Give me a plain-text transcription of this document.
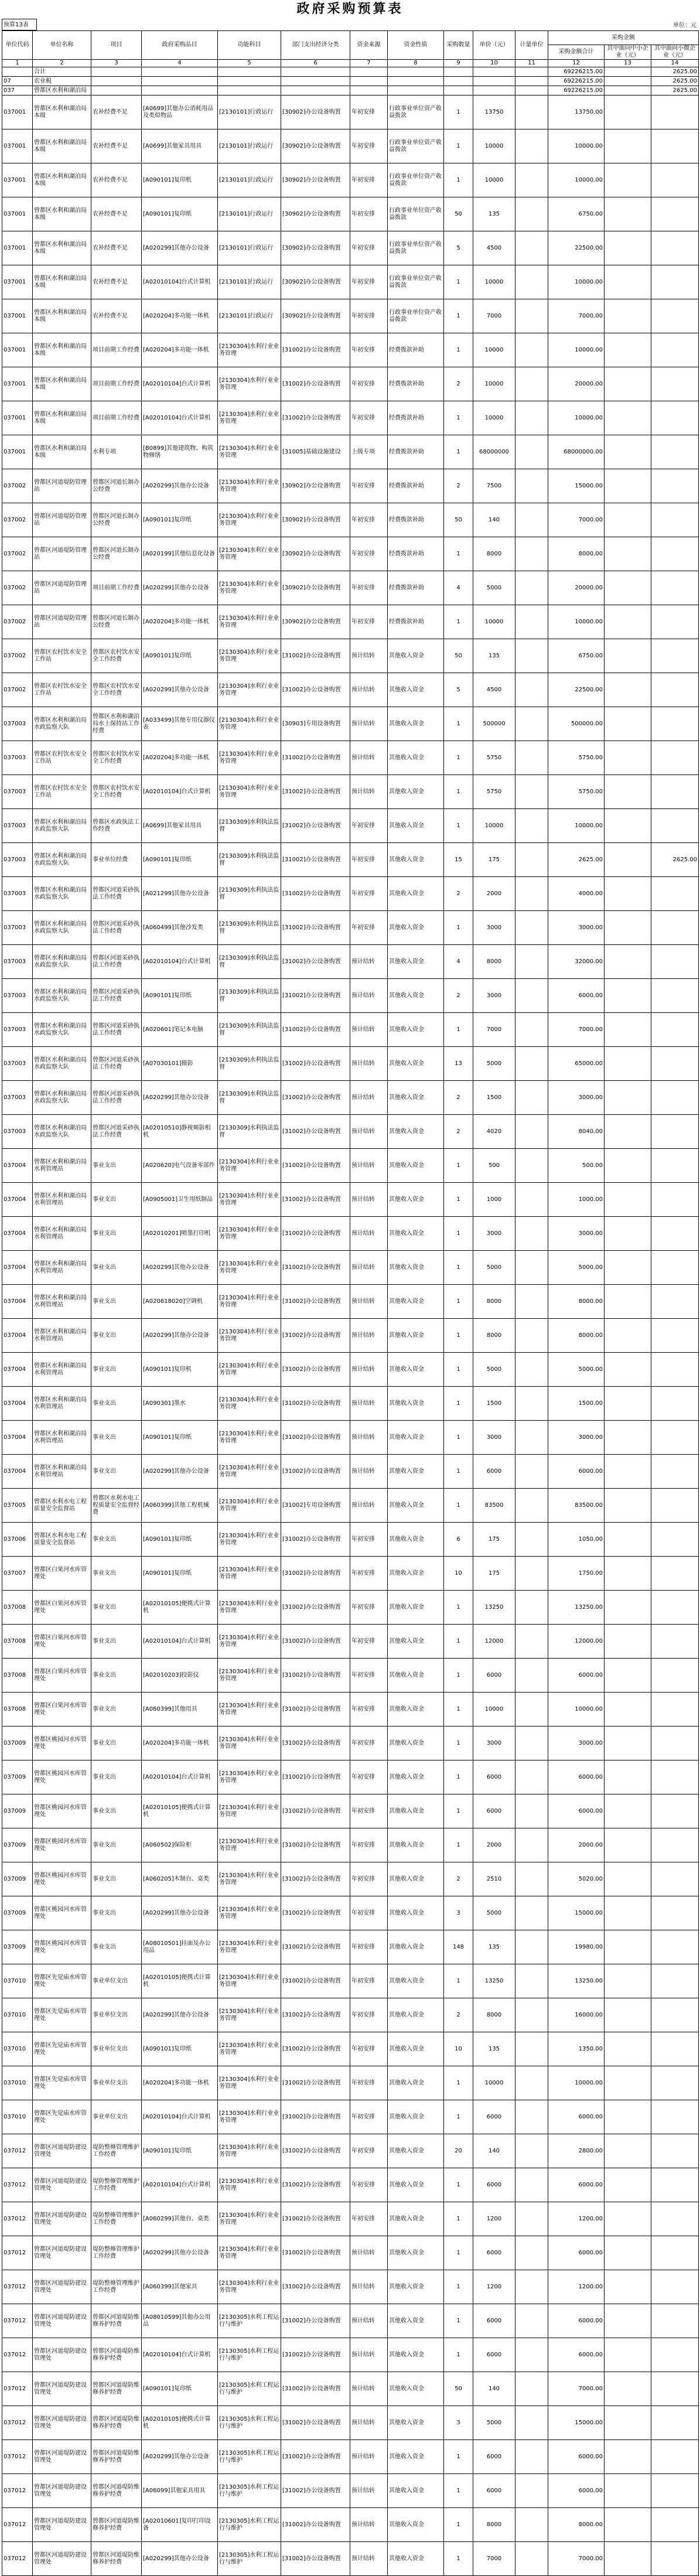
政府采购预算表
预算13表	单位：元
单位代码	单位名称	项目	政府采购品目	功能科目	部门支出经济分类	资金来源	资金性质	采购数量	单价（元）	计量单位	采购金额		
											采购金额合计	其中面向中小企业（元）	其中面向小微企业（元）
1	2	3	4	5	6	7	8	9	10	11	12	13	14
	合计										69226215.00		2625.00
07	农业税										69226215.00		2625.00
037	曾都区水利和湖泊局										69226215.00		2625.00
037001	曾都区水利和湖泊局本级	农补经费不足	[A0699]其他办公消耗用品及类似物品	[2130101]行政运行	[30902]办公设备购置	年初安排	行政事业单位资产收益拨款	1	13750		13750.00		
037001	曾都区水利和湖泊局本级	农补经费不足	[A0699]其他家具用具	[2130101]行政运行	[30902]办公设备购置	年初安排	行政事业单位资产收益拨款	1	10000		10000.00		
037001	曾都区水利和湖泊局本级	农补经费不足	[A090101]复印机	[2130101]行政运行	[30902]办公设备购置	年初安排	行政事业单位资产收益拨款	1	10000		10000.00		
037001	曾都区水利和湖泊局本级	农补经费不足	[A090101]复印纸	[2130101]行政运行	[30902]办公设备购置	年初安排	行政事业单位资产收益拨款	50	135		6750.00		
037001	曾都区水利和湖泊局本级	农补经费不足	[A020299]其他办公设备	[2130101]行政运行	[30902]办公设备购置	年初安排	行政事业单位资产收益拨款	5	4500		22500.00		
037001	曾都区水利和湖泊局本级	农补经费不足	[A02010104]台式计算机	[2130101]行政运行	[30902]办公设备购置	年初安排	行政事业单位资产收益拨款	1	10000		10000.00		
037001	曾都区水利和湖泊局本级	农补经费不足	[A020204]多功能一体机	[2130101]行政运行	[30902]办公设备购置	年初安排	行政事业单位资产收益拨款	1	7000		7000.00		
037001	曾都区水利和湖泊局本级	项目前期工作经费	[A020204]多功能一体机	[2130304]水利行业业务管理	[31002]办公设备购置	年初安排	经费拨款补助	1	10000		10000.00		
037001	曾都区水利和湖泊局本级	项目前期工作经费	[A02010104]台式计算机	[2130304]水利行业业务管理	[31002]办公设备购置	年初安排	经费拨款补助	2	10000		20000.00		
037001	曾都区水利和湖泊局本级	项目前期工作经费	[A02010104]台式计算机	[2130304]水利行业业务管理	[31002]办公设备购置	年初安排	经费拨款补助	1	10000		10000.00		
037001	曾都区水利和湖泊局本级	水利专项	[B0899]其他建筑物、构筑物修缮	[2130304]水利行业业务管理	[31005]基础设施建设	上级专项	经费拨款补助	1	68000000		68000000.00		
037002	曾都区河道堤防管理站	曾都区河道长制办公经费	[A020299]其他办公设备	[2130304]水利行业业务管理	[30902]办公设备购置	年初安排	经费拨款补助	2	7500		15000.00		
037002	曾都区河道堤防管理站	曾都区河道长制办公经费	[A090101]复印纸	[2130304]水利行业业务管理	[30902]办公设备购置	年初安排	经费拨款补助	50	140		7000.00		
037002	曾都区河道堤防管理站	曾都区河道长制办公经费	[A020199]其他信息化设备	[2130304]水利行业业务管理	[30902]办公设备购置	年初安排	经费拨款补助	1	8000		8000.00		
037002	曾都区河道堤防管理站	项目前期工作经费	[A020299]其他办公设备	[2130304]水利行业业务管理	[30902]办公设备购置	年初安排	经费拨款补助	4	5000		20000.00		
037002	曾都区河道堤防管理站	曾都区河道长制办公经费	[A020204]多功能一体机	[2130304]水利行业业务管理	[30902]办公设备购置	年初安排	经费拨款补助	1	10000		10000.00		
037002	曾都区农村饮水安全工作站	曾都区农村饮水安全工作经费	[A090101]复印纸	[2130304]水利行业业务管理	[31002]办公设备购置	预计结转	其他收入资金	50	135		6750.00		
037002	曾都区农村饮水安全工作站	曾都区农村饮水安全工作经费	[A020299]其他办公设备	[2130304]水利行业业务管理	[31002]办公设备购置	预计结转	其他收入资金	5	4500		22500.00		
037003	曾都区水利和湖泊局水政监察大队	曾都区水利和湖泊局水土保持站工作经费	[A033499]其他专用仪器仪表	[2130304]水利行业业务管理	[30903]专用设备购置	预计结转	其他收入资金	1	500000		500000.00		
037003	曾都区农村饮水安全工作站	曾都区农村饮水安全工作经费	[A020204]多功能一体机	[2130304]水利行业业务管理	[31002]办公设备购置	预计结转	其他收入资金	1	5750		5750.00		
037003	曾都区农村饮水安全工作站	曾都区农村饮水安全工作经费	[A02010104]台式计算机	[2130304]水利行业业务管理	[31002]办公设备购置	预计结转	其他收入资金	1	5750		5750.00		
037003	曾都区水利和湖泊局水政监察大队	曾都区水政执法工作经费	[A0699]其他家具用具	[2130309]水利执法监督	[31002]办公设备购置	年初安排	其他收入资金	1	10000		10000.00		
037003	曾都区水利和湖泊局水政监察大队	事业单位经费	[A090101]复印纸	[2130309]水利执法监督	[31002]办公设备购置	年初安排	其他收入资金	15	175		2625.00		2625.00
037003	曾都区水利和湖泊局水政监察大队	曾都区河道采砂执法工作经费	[A021299]其他办公设备	[2130309]水利执法监督	[31002]办公设备购置	年初安排	其他收入资金	2	2000		4000.00		
037003	曾都区水利和湖泊局水政监察大队	曾都区河道采砂执法工作经费	[A060499]其他沙发类	[2130309]水利执法监督	[31002]办公设备购置	年初安排	其他收入资金	1	3000		3000.00		
037003	曾都区水利和湖泊局水政监察大队	曾都区河道采砂执法工作经费	[A02010104]台式计算机	[2130309]水利执法监督	[31002]办公设备购置	预计结转	其他收入资金	4	8000		32000.00		
037003	曾都区水利和湖泊局水政监察大队	曾都区河道采砂执法工作经费	[A090101]复印纸	[2130309]水利执法监督	[31002]办公设备购置	预计结转	其他收入资金	2	3000		6000.00		
037003	曾都区水利和湖泊局水政监察大队	曾都区河道采砂执法工作经费	[A020601]笔记本电脑	[2130309]水利执法监督	[31002]办公设备购置	预计结转	其他收入资金	1	7000		7000.00		
037003	曾都区水利和湖泊局水政监察大队	曾都区河道采砂执法工作经费	[A07030101]摄影	[2130309]水利执法监督	[31002]办公设备购置	预计结转	其他收入资金	13	5000		65000.00		
037003	曾都区水利和湖泊局水政监察大队	曾都区河道采砂执法工作经费	[A020299]其他办公设备	[2130309]水利执法监督	[31002]办公设备购置	预计结转	其他收入资金	2	1500		3000.00		
037003	曾都区水利和湖泊局水政监察大队	曾都区河道采砂执法工作经费	[A02010510]静视频影相机	[2130309]水利执法监督	[31002]办公设备购置	预计结转	其他收入资金	2	4020		8040.00		
037004	曾都区水利和湖泊局水利管理站	事业支出	[A020620]电气设备零部件	[2130304]水利行业业务管理	[31002]办公设备购置	预计结转	其他收入资金	1	500		500.00		
037004	曾都区水利和湖泊局水利管理站	事业支出	[A0905001]卫生用纸制品	[2130304]水利行业业务管理	[31002]办公设备购置	预计结转	其他收入资金	1	1000		1000.00		
037004	曾都区水利和湖泊局水利管理站	事业支出	[A02010201]喷墨打印机	[2130304]水利行业业务管理	[31002]办公设备购置	预计结转	其他收入资金	1	3000		3000.00		
037004	曾都区水利和湖泊局水利管理站	事业支出	[A020299]其他办公设备	[2130304]水利行业业务管理	[31002]办公设备购置	预计结转	其他收入资金	1	5000		5000.00		
037004	曾都区水利和湖泊局水利管理站	事业支出	[A020618020]空调机	[2130304]水利行业业务管理	[31002]办公设备购置	预计结转	其他收入资金	1	8000		8000.00		
037004	曾都区水利和湖泊局水利管理站	事业支出	[A020299]其他办公设备	[2130304]水利行业业务管理	[31002]办公设备购置	预计结转	其他收入资金	1	8000		8000.00		
037004	曾都区水利和湖泊局水利管理站	事业支出	[A090101]复印机	[2130304]水利行业业务管理	[31002]办公设备购置	预计结转	其他收入资金	1	5000		5000.00		
037004	曾都区水利和湖泊局水利管理站	事业支出	[A090301]墨水	[2130304]水利行业业务管理	[31002]办公设备购置	预计结转	其他收入资金	1	1500		1500.00		
037004	曾都区水利和湖泊局水利管理站	事业支出	[A090101]复印纸	[2130304]水利行业业务管理	[31002]办公设备购置	预计结转	其他收入资金	1	3000		3000.00		
037004	曾都区水利和湖泊局水利管理站	事业支出	[A020299]其他办公设备	[2130304]水利行业业务管理	[31002]办公设备购置	预计结转	其他收入资金	1	6000		6000.00		
037005	曾都区水利水电工程质量安全监督站	曾都区水利水电工程质量安全监督经费	[A060399]其他工程机械	[2130304]水利行业业务管理	[31002]专用设备购置	预计结转	其他收入资金	1	83500		83500.00		
037006	曾都区水利水电工程质量安全监督站	事业支出	[A090101]复印纸	[2130304]水利行业业务管理	[31002]办公设备购置	年初安排	其他收入资金	6	175		1050.00		
037007	曾都区白果河水库管理处	事业支出	[A090101]复印纸	[2130304]水利行业业务管理	[31002]办公设备购置	年初安排	其他收入资金	10	175		1750.00		
037008	曾都区白果河水库管理处	事业支出	[A02010105]便携式计算机	[2130304]水利行业业务管理	[31002]办公设备购置	年初安排	其他收入资金	1	13250		13250.00		
037008	曾都区白果河水库管理处	事业支出	[A02010104]台式计算机	[2130304]水利行业业务管理	[31002]办公设备购置	年初安排	其他收入资金	1	12000		12000.00		
037008	曾都区白果河水库管理处	事业支出	[A02010203]投影仪	[2130304]水利行业业务管理	[31002]办公设备购置	年初安排	其他收入资金	1	6000		6000.00		
037008	曾都区白果河水库管理处	事业支出	[A060399]其他用具	[2130304]水利行业业务管理	[31002]办公设备购置	年初安排	其他收入资金	1	10000		10000.00		
037009	曾都区桃园河水库管理处	事业支出	[A020204]多功能一体机	[2130304]水利行业业务管理	[31002]办公设备购置	年初安排	其他收入资金	1	3000		3000.00		
037009	曾都区桃园河水库管理处	事业支出	[A02010104]台式计算机	[2130304]水利行业业务管理	[31002]办公设备购置	年初安排	其他收入资金	1	6000		6000.00		
037009	曾都区桃园河水库管理处	事业支出	[A02010105]便携式计算机	[2130304]水利行业业务管理	[31002]办公设备购置	年初安排	其他收入资金	1	6000		6000.00		
037009	曾都区桃园河水库管理处	事业支出	[A060502]保险柜	[2130304]水利行业业务管理	[31002]办公设备购置	年初安排	其他收入资金	1	2000		2000.00		
037009	曾都区桃园河水库管理处	事业支出	[A060205]木制台、桌类	[2130304]水利行业业务管理	[31002]办公设备购置	年初安排	其他收入资金	2	2510		5020.00		
037009	曾都区桃园河水库管理处	事业支出	[A020299]其他办公设备	[2130304]水利行业业务管理	[31002]办公设备购置	年初安排	其他收入资金	3	5000		15000.00		
037009	曾都区桃园河水库管理处	事业支出	[A08010501]挂面及办公用品	[2130304]水利行业业务管理	[31002]办公设备购置	年初安排	其他收入资金	148	135		19980.00		
037010	曾都区先觉庙水库管理处	事业单位支出	[A02010105]便携式计算机	[2130304]水利行业业务管理	[31002]办公设备购置	年初安排	其他收入资金	1	13250		13250.00		
037010	曾都区先觉庙水库管理处	事业单位支出	[A020299]其他办公设备	[2130304]水利行业业务管理	[31002]办公设备购置	年初安排	其他收入资金	2	8000		16000.00		
037010	曾都区先觉庙水库管理处	事业单位支出	[A090101]复印纸	[2130304]水利行业业务管理	[31002]办公设备购置	年初安排	其他收入资金	10	135		1350.00		
037010	曾都区先觉庙水库管理处	事业单位支出	[A020204]多功能一体机	[2130304]水利行业业务管理	[31002]办公设备购置	年初安排	其他收入资金	1	10000		10000.00		
037010	曾都区先觉庙水库管理处	事业单位支出	[A02010104]台式计算机	[2130304]水利行业业务管理	[31002]办公设备购置	年初安排	其他收入资金	1	6000		6000.00		
037012	曾都区河道堤防建设管理处	堤防整修管理维护工作经费	[A090101]复印纸	[2130304]水利行业业务管理	[31002]办公设备购置	年初安排	其他收入资金	20	140		2800.00		
037012	曾都区河道堤防建设管理处	堤防整修管理维护工作经费	[A02010104]台式计算机	[2130304]水利行业业务管理	[31002]办公设备购置	年初安排	其他收入资金	1	6000		6000.00		
037012	曾都区河道堤防建设管理处	堤防整修管理维护工作经费	[A060299]其他台、桌类	[2130304]水利行业业务管理	[31002]办公设备购置	年初安排	其他收入资金	1	1200		1200.00		
037012	曾都区河道堤防建设管理处	堤防整修管理维护工作经费	[A020299]其他办公设备	[2130304]水利行业业务管理	[31002]办公设备购置	预计结转	其他收入资金	1	6000		6000.00		
037012	曾都区河道堤防建设管理处	堤防整修管理维护工作经费	[A060399]其他家具	[2130304]水利行业业务管理	[31002]办公设备购置	预计结转	其他收入资金	1	1200		1200.00		
037012	曾都区河道堤防建设管理处	曾都区河道堤防维修养护经费	[A08010599]其他办公用品	[2130305]水利工程运行与维护	[31002]办公设备购置	预计结转	其他收入资金	1	6000		6000.00		
037012	曾都区河道堤防建设管理处	曾都区河道堤防维修养护经费	[A02010104]台式计算机	[2130305]水利工程运行与维护	[31002]办公设备购置	预计结转	其他收入资金	1	6000		6000.00		
037012	曾都区河道堤防建设管理处	曾都区河道堤防维修养护经费	[A090101]复印纸	[2130305]水利工程运行与维护	[31002]办公设备购置	预计结转	其他收入资金	50	140		7000.00		
037012	曾都区河道堤防建设管理处	曾都区河道堤防维修养护经费	[A02010105]便携式计算机	[2130305]水利工程运行与维护	[31002]办公设备购置	预计结转	其他收入资金	3	5000		15000.00		
037012	曾都区河道堤防建设管理处	曾都区河道堤防维修养护经费	[A020299]其他办公设备	[2130305]水利工程运行与维护	[31002]办公设备购置	预计结转	其他收入资金	1	6000		6000.00		
037012	曾都区河道堤防建设管理处	曾都区河道堤防维修养护经费	[A06099]其他家具用具	[2130305]水利工程运行与维护	[31002]办公设备购置	预计结转	其他收入资金	1	6000		6000.00		
037012	曾都区河道堤防建设管理处	曾都区河道堤防维修养护经费	[A02010601]复印打印设备	[2130305]水利工程运行与维护	[31002]办公设备购置	预计结转	其他收入资金	1	8000		8000.00		
037012	曾都区河道堤防建设管理处	曾都区河道堤防维修养护经费	[A020299]其他办公设备	[2130305]水利工程运行与维护	[31002]办公设备购置	预计结转	其他收入资金	1	7000		7000.00		
